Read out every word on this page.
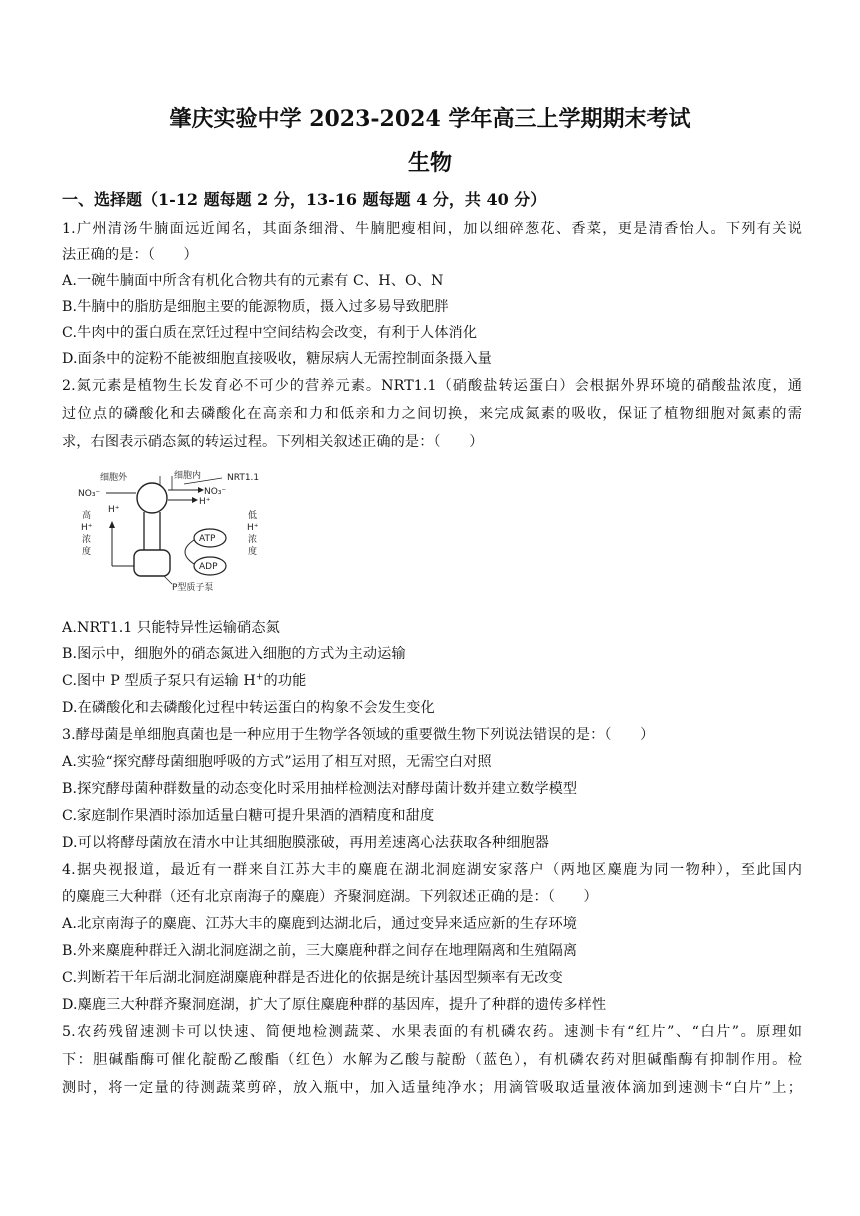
肇庆实验中学 2023-2024 学年高三上学期期末考试
生物
一、选择题（1-12 题每题 2 分，13-16 题每题 4 分，共 40 分）
1.广州清汤牛腩面远近闻名，其面条细滑、牛腩肥瘦相间，加以细碎葱花、香菜，更是清香怡人。下列有关说
法正确的是：（　　）
A.一碗牛腩面中所含有机化合物共有的元素有 C、H、O、N
B.牛腩中的脂肪是细胞主要的能源物质，摄入过多易导致肥胖
C.牛肉中的蛋白质在烹饪过程中空间结构会改变，有利于人体消化
D.面条中的淀粉不能被细胞直接吸收，糖尿病人无需控制面条摄入量
2.氮元素是植物生长发育必不可少的营养元素。NRT1.1（硝酸盐转运蛋白）会根据外界环境的硝酸盐浓度，通
过位点的磷酸化和去磷酸化在高亲和力和低亲和力之间切换，来完成氮素的吸收，保证了植物细胞对氮素的需
求，右图表示硝态氮的转运过程。下列相关叙述正确的是：（　　）
细胞外	细胞内	NRT1.1
NO₃⁻
H⁺
NO₃⁻
H⁺
高
H⁺
浓
度
低
H⁺
浓
度
ATP
ADP
P型质子泵
A.NRT1.1 只能特异性运输硝态氮
B.图示中，细胞外的硝态氮进入细胞的方式为主动运输
C.图中 P 型质子泵只有运输 H+的功能
D.在磷酸化和去磷酸化过程中转运蛋白的构象不会发生变化
3.酵母菌是单细胞真菌也是一种应用于生物学各领域的重要微生物下列说法错误的是：（　　）
A.实验“探究酵母菌细胞呼吸的方式”运用了相互对照，无需空白对照
B.探究酵母菌种群数量的动态变化时采用抽样检测法对酵母菌计数并建立数学模型
C.家庭制作果酒时添加适量白糖可提升果酒的酒精度和甜度
D.可以将酵母菌放在清水中让其细胞膜涨破，再用差速离心法获取各种细胞器
4.据央视报道，最近有一群来自江苏大丰的麋鹿在湖北洞庭湖安家落户（两地区麋鹿为同一物种），至此国内
的麋鹿三大种群（还有北京南海子的麋鹿）齐聚洞庭湖。下列叙述正确的是：（　　）
A.北京南海子的麋鹿、江苏大丰的麋鹿到达湖北后，通过变异来适应新的生存环境
B.外来麋鹿种群迁入湖北洞庭湖之前，三大麋鹿种群之间存在地理隔离和生殖隔离
C.判断若干年后湖北洞庭湖麋鹿种群是否进化的依据是统计基因型频率有无改变
D.麋鹿三大种群齐聚洞庭湖，扩大了原住麋鹿种群的基因库，提升了种群的遗传多样性
5.农药残留速测卡可以快速、简便地检测蔬菜、水果表面的有机磷农药。速测卡有“红片”、“白片”。原理如
下：胆碱酯酶可催化靛酚乙酸酯（红色）水解为乙酸与靛酚（蓝色），有机磷农药对胆碱酯酶有抑制作用。检
测时，将一定量的待测蔬菜剪碎，放入瓶中，加入适量纯净水；用滴管吸取适量液体滴加到速测卡“白片”上；
